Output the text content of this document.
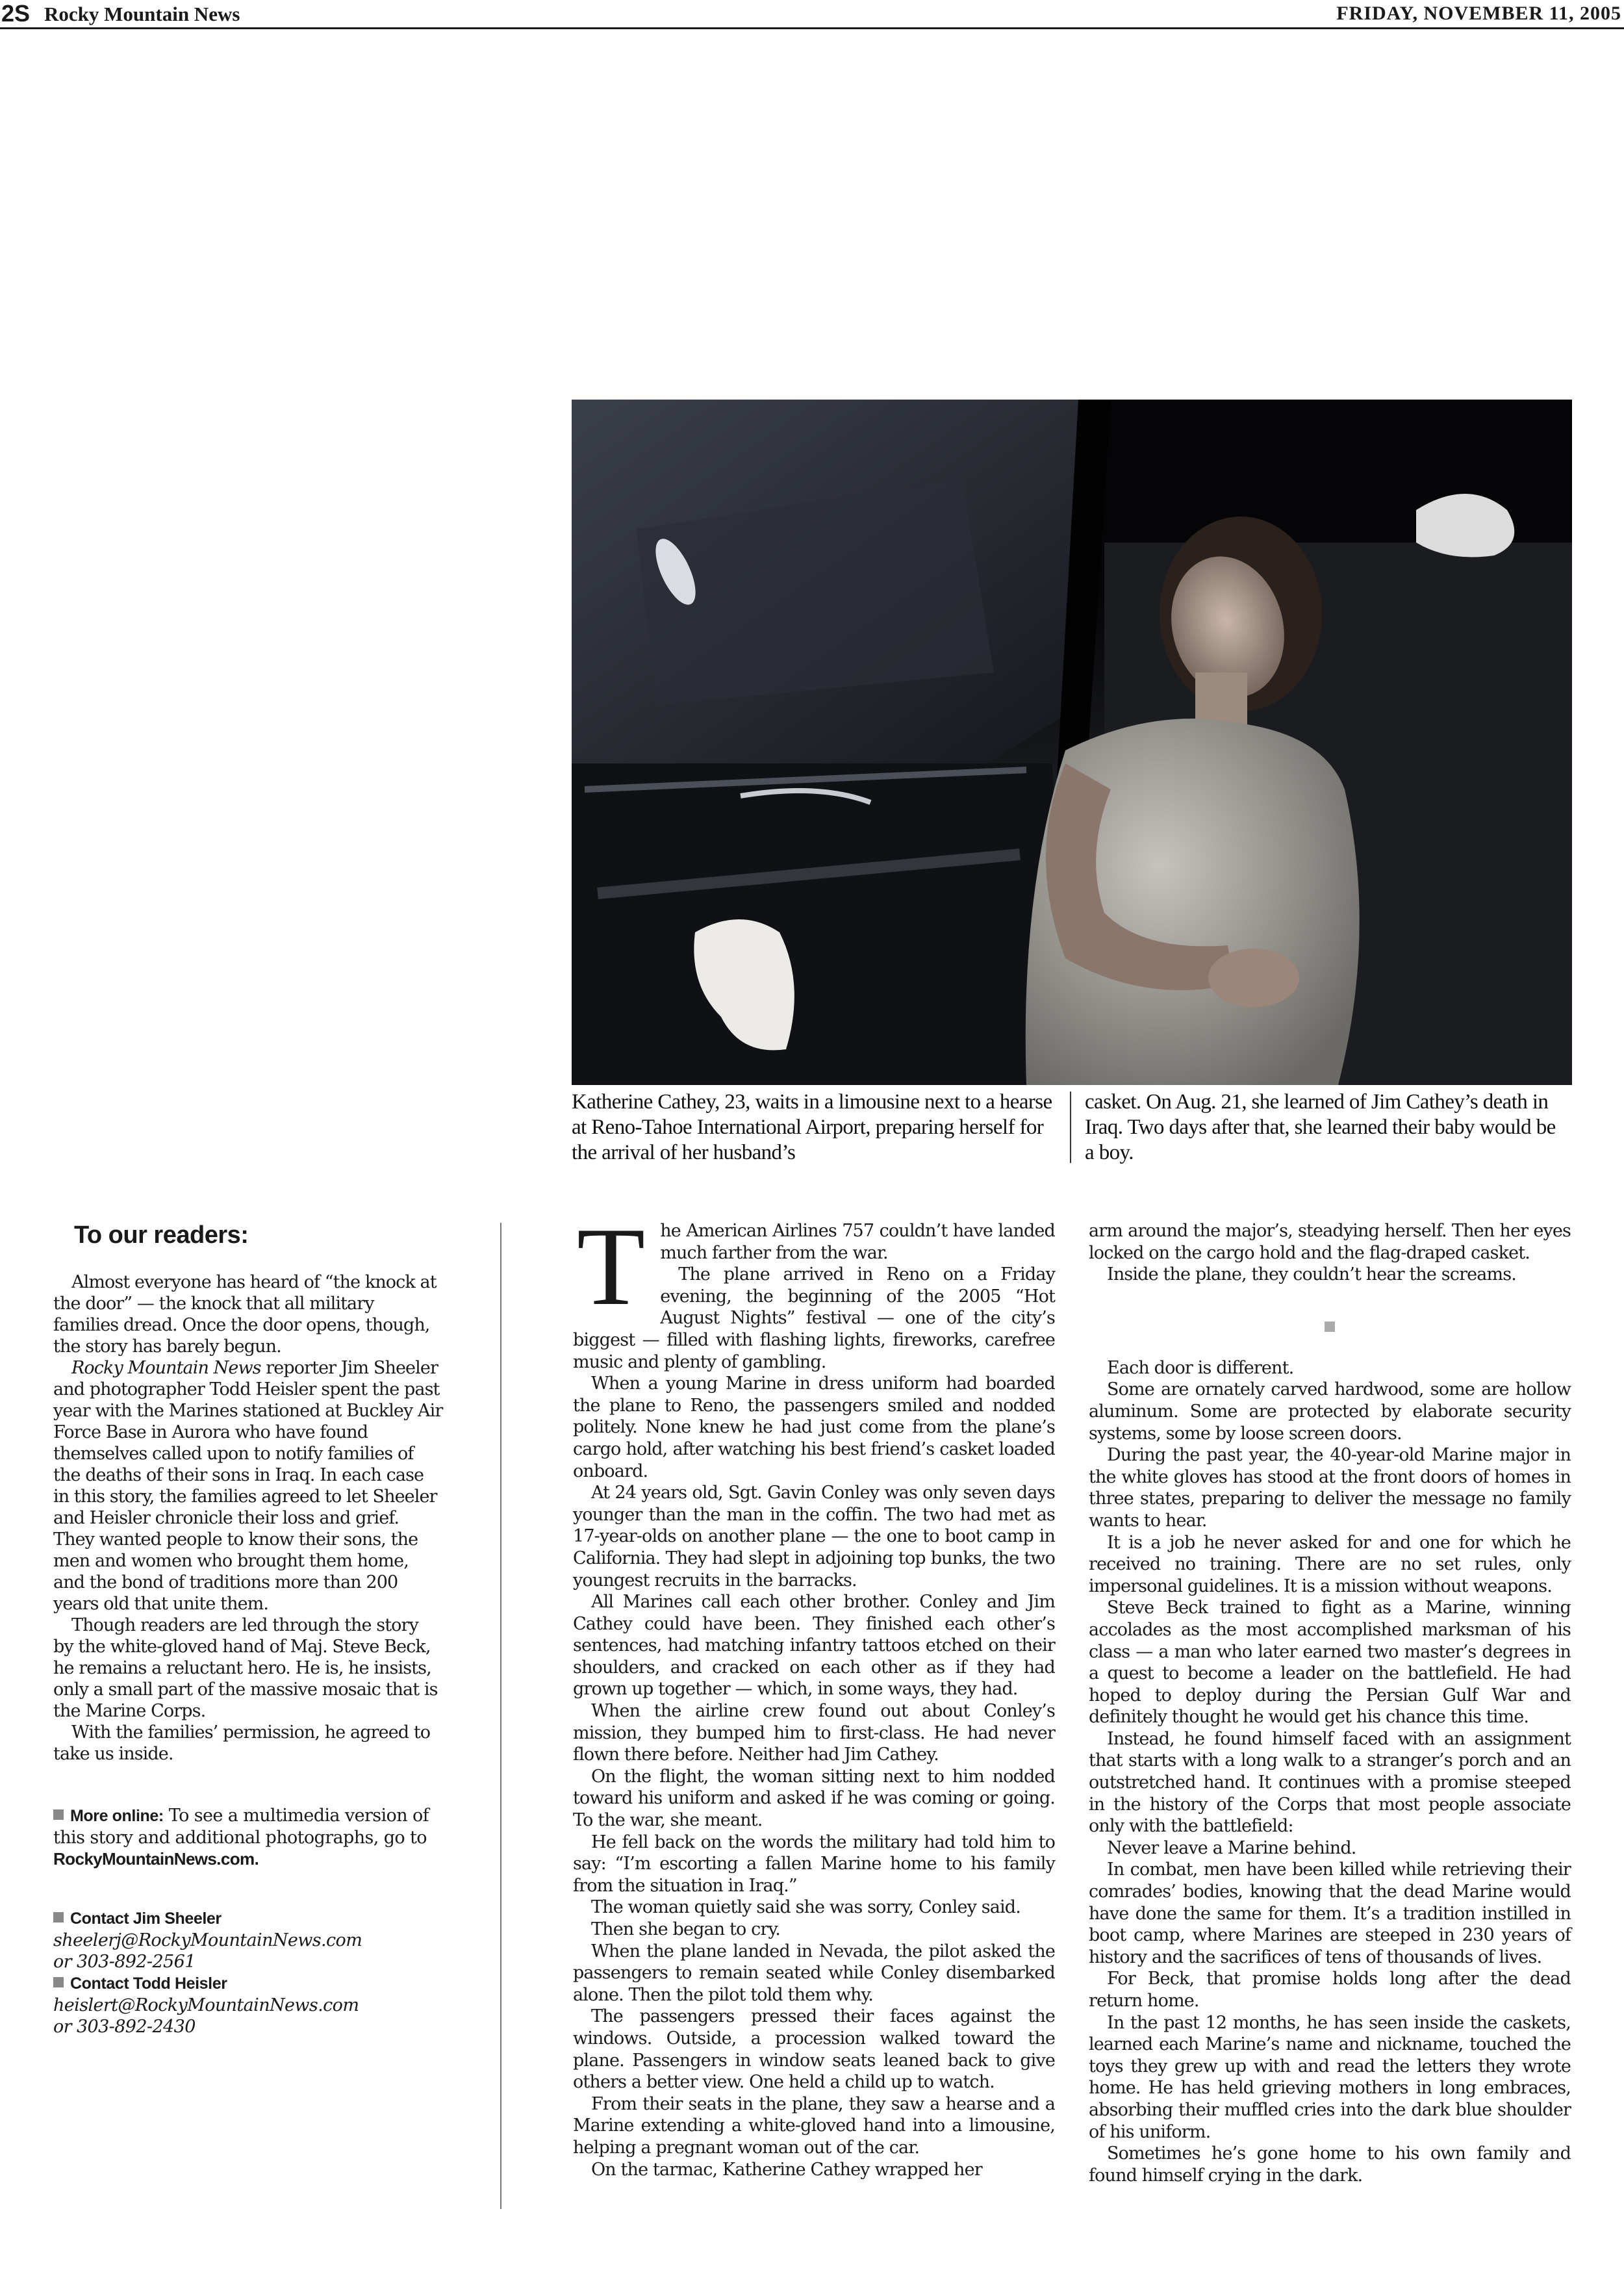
2S Rocky Mountain News	FRIDAY, NOVEMBER 11, 2005
Katherine Cathey, 23, waits in a limousine next to a hearse at Reno-Tahoe International Airport, preparing herself for the arrival of her husband’s
casket. On Aug. 21, she learned of Jim Cathey’s death in Iraq. Two days after that, she learned their baby would be a boy.
To our readers:

Almost everyone has heard of “the knock at the door” — the knock that all military families dread. Once the door opens, though, the story has barely begun.

Rocky Mountain News reporter Jim Sheeler and photographer Todd Heisler spent the past year with the Marines stationed at Buckley Air Force Base in Aurora who have found themselves called upon to notify families of the deaths of their sons in Iraq. In each case in this story, the families agreed to let Sheeler and Heisler chronicle their loss and grief. They wanted people to know their sons, the men and women who brought them home, and the bond of traditions more than 200 years old that unite them.

Though readers are led through the story by the white-gloved hand of Maj. Steve Beck, he remains a reluctant hero. He is, he insists, only a small part of the massive mosaic that is the Marine Corps.

With the families’ permission, he agreed to take us inside.

More online: To see a multimedia version of this story and additional photographs, go to
RockyMountainNews.com.
Contact Jim Sheeler
sheelerj@RockyMountainNews.com
or 303-892-2561
Contact Todd Heisler
heislert@RockyMountainNews.com
or 303-892-2430
T he American Airlines 757 couldn’t have landed much farther from the war.

The plane arrived in Reno on a Friday evening, the beginning of the 2005 “Hot August Nights” festival — one of the city’s biggest — filled with flashing lights, fireworks, carefree music and plenty of gambling.

When a young Marine in dress uniform had boarded the plane to Reno, the passengers smiled and nodded politely. None knew he had just come from the plane’s cargo hold, after watching his best friend’s casket loaded onboard.

At 24 years old, Sgt. Gavin Conley was only seven days younger than the man in the coffin. The two had met as 17-year-olds on another plane — the one to boot camp in California. They had slept in adjoining top bunks, the two youngest recruits in the barracks.

All Marines call each other brother. Conley and Jim Cathey could have been. They finished each other’s sentences, had matching infantry tattoos etched on their shoulders, and cracked on each other as if they had grown up together — which, in some ways, they had.

When the airline crew found out about Conley’s mission, they bumped him to first-class. He had never flown there before. Neither had Jim Cathey.

On the flight, the woman sitting next to him nodded toward his uniform and asked if he was coming or going. To the war, she meant.

He fell back on the words the military had told him to say: “I’m escorting a fallen Marine home to his family from the situation in Iraq.”

The woman quietly said she was sorry, Conley said.

Then she began to cry.

When the plane landed in Nevada, the pilot asked the passengers to remain seated while Conley disembarked alone. Then the pilot told them why.

The passengers pressed their faces against the windows. Outside, a procession walked toward the plane. Passengers in window seats leaned back to give others a better view. One held a child up to watch.

From their seats in the plane, they saw a hearse and a Marine extending a white-gloved hand into a limousine, helping a pregnant woman out of the car.

On the tarmac, Katherine Cathey wrapped her

arm around the major’s, steadying herself. Then her eyes locked on the cargo hold and the flag-draped casket.

Inside the plane, they couldn’t hear the screams.

Each door is different.

Some are ornately carved hardwood, some are hollow aluminum. Some are protected by elaborate security systems, some by loose screen doors.

During the past year, the 40-year-old Marine major in the white gloves has stood at the front doors of homes in three states, preparing to deliver the message no family wants to hear.

It is a job he never asked for and one for which he received no training. There are no set rules, only impersonal guidelines. It is a mission without weapons.

Steve Beck trained to fight as a Marine, winning accolades as the most accomplished marksman of his class — a man who later earned two master’s degrees in a quest to become a leader on the battlefield. He had hoped to deploy during the Persian Gulf War and definitely thought he would get his chance this time.

Instead, he found himself faced with an assignment that starts with a long walk to a stranger’s porch and an outstretched hand. It continues with a promise steeped in the history of the Corps that most people associate only with the battlefield:

Never leave a Marine behind.

In combat, men have been killed while retrieving their comrades’ bodies, knowing that the dead Marine would have done the same for them. It’s a tradition instilled in boot camp, where Marines are steeped in 230 years of history and the sacrifices of tens of thousands of lives.

For Beck, that promise holds long after the dead return home.

In the past 12 months, he has seen inside the caskets, learned each Marine’s name and nickname, touched the toys they grew up with and read the letters they wrote home. He has held grieving mothers in long embraces, absorbing their muffled cries into the dark blue shoulder of his uniform.

Sometimes he’s gone home to his own family and found himself crying in the dark.
